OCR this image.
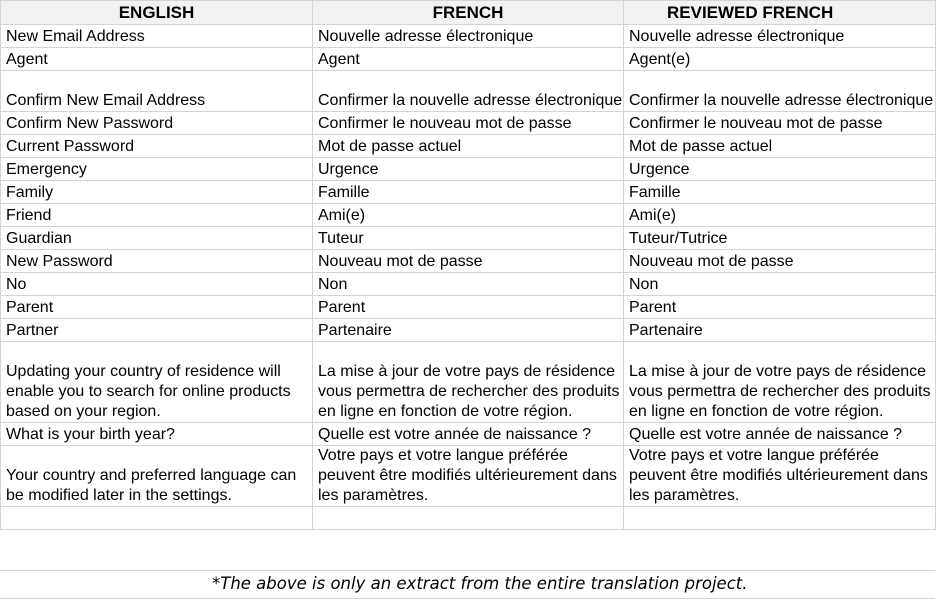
ENGLISH	FRENCH	REVIEWED FRENCH
New Email Address	Nouvelle adresse électronique	Nouvelle adresse électronique
Agent	Agent	Agent(e)
Confirm New Email Address	Confirmer la nouvelle adresse électronique	Confirmer la nouvelle adresse électronique
Confirm New Password	Confirmer le nouveau mot de passe	Confirmer le nouveau mot de passe
Current Password	Mot de passe actuel	Mot de passe actuel
Emergency	Urgence	Urgence
Family	Famille	Famille
Friend	Ami(e)	Ami(e)
Guardian	Tuteur	Tuteur/Tutrice
New Password	Nouveau mot de passe	Nouveau mot de passe
No	Non	Non
Parent	Parent	Parent
Partner	Partenaire	Partenaire
Updating your country of residence will enable you to search for online products based on your region.	La mise à jour de votre pays de résidence vous permettra de rechercher des produits en ligne en fonction de votre région.	La mise à jour de votre pays de résidence vous permettra de rechercher des produits en ligne en fonction de votre région.
What is your birth year?	Quelle est votre année de naissance ?	Quelle est votre année de naissance ?
Your country and preferred language can be modified later in the settings.	Votre pays et votre langue préférée peuvent être modifiés ultérieurement dans les paramètres.	Votre pays et votre langue préférée peuvent être modifiés ultérieurement dans les paramètres.

*The above is only an extract from the entire translation project.
